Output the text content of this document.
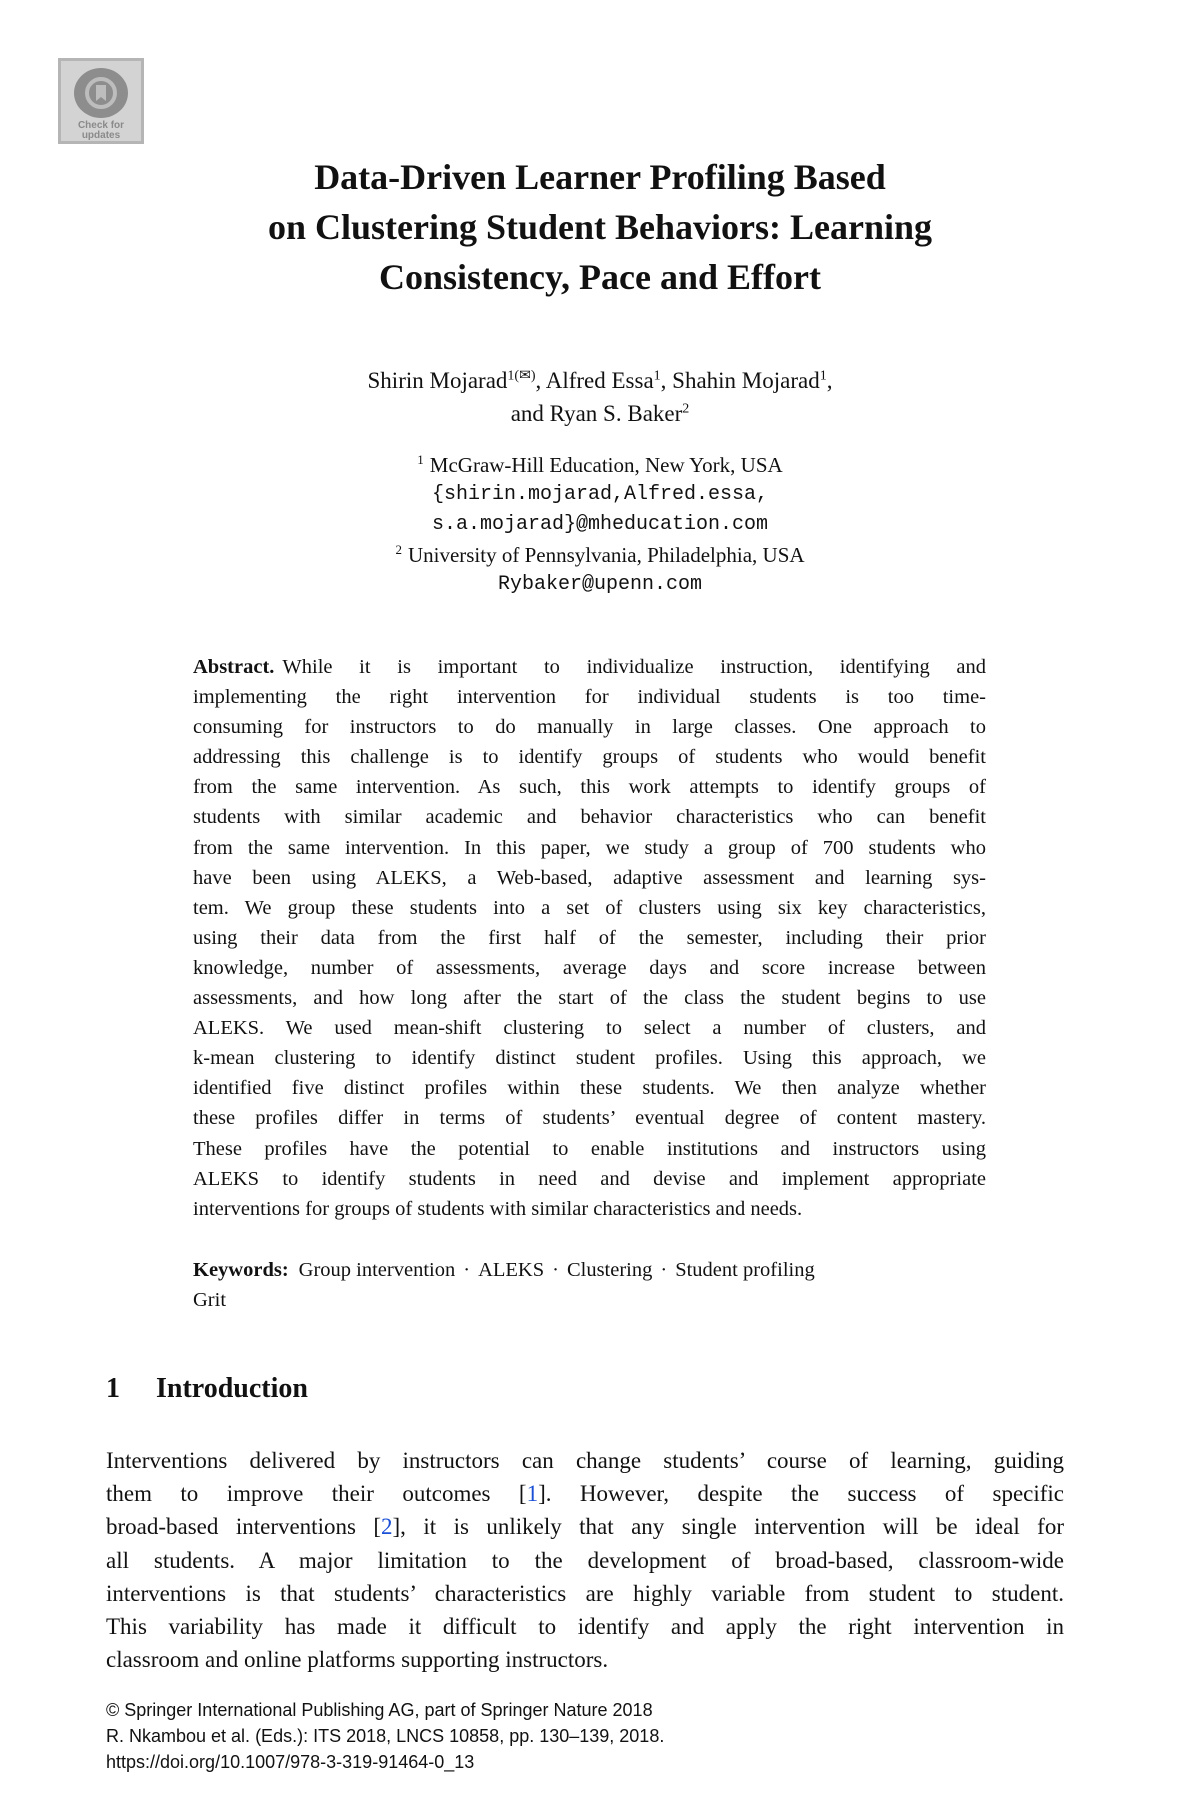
Check for updates
Data-Driven Learner Profiling Based
on Clustering Student Behaviors: Learning
Consistency, Pace and Effort
Shirin Mojarad$^{1(✉)}$, Alfred Essa$^1$, Shahin Mojarad$^1$,
and Ryan S. Baker$^2$
$^1$ McGraw-Hill Education, New York, USA
{shirin.mojarad,Alfred.essa,
s.a.mojarad}@mheducation.com
$^2$ University of Pennsylvania, Philadelphia, USA
Rybaker@upenn.com
Abstract. While it is important to individualize instruction, identifying and
implementing the right intervention for individual students is too time-
consuming for instructors to do manually in large classes. One approach to
addressing this challenge is to identify groups of students who would benefit
from the same intervention. As such, this work attempts to identify groups of
students with similar academic and behavior characteristics who can benefit
from the same intervention. In this paper, we study a group of 700 students who
have been using ALEKS, a Web-based, adaptive assessment and learning sys-
tem. We group these students into a set of clusters using six key characteristics,
using their data from the first half of the semester, including their prior
knowledge, number of assessments, average days and score increase between
assessments, and how long after the start of the class the student begins to use
ALEKS. We used mean-shift clustering to select a number of clusters, and
k-mean clustering to identify distinct student profiles. Using this approach, we
identified five distinct profiles within these students. We then analyze whether
these profiles differ in terms of students’ eventual degree of content mastery.
These profiles have the potential to enable institutions and instructors using
ALEKS to identify students in need and devise and implement appropriate
interventions for groups of students with similar characteristics and needs.
Keywords: Group intervention · ALEKS · Clustering · Student profiling
Grit
1 Introduction
Interventions delivered by instructors can change students’ course of learning, guiding
them to improve their outcomes [1]. However, despite the success of specific
broad-based interventions [2], it is unlikely that any single intervention will be ideal for
all students. A major limitation to the development of broad-based, classroom-wide
interventions is that students’ characteristics are highly variable from student to student.
This variability has made it difficult to identify and apply the right intervention in
classroom and online platforms supporting instructors.
© Springer International Publishing AG, part of Springer Nature 2018
R. Nkambou et al. (Eds.): ITS 2018, LNCS 10858, pp. 130–139, 2018.
https://doi.org/10.1007/978-3-319-91464-0_13
